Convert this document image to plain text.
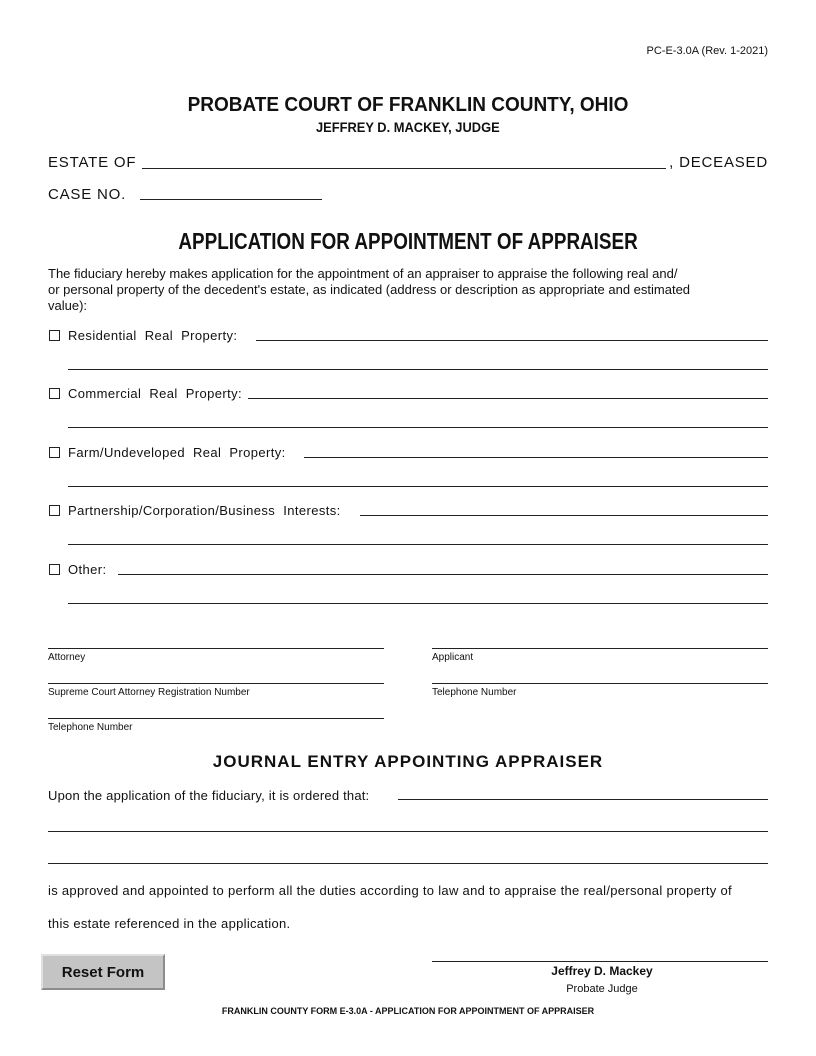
PC-E-3.0A (Rev. 1-2021)
PROBATE COURT OF FRANKLIN COUNTY, OHIO
JEFFREY D. MACKEY, JUDGE
ESTATE OF	, DECEASED
CASE NO.
APPLICATION FOR APPOINTMENT OF APPRAISER
The fiduciary hereby makes application for the appointment of an appraiser to appraise the following real and/
or personal property of the decedent's estate, as indicated (address or description as appropriate and estimated
value):
Residential  Real  Property:
Commercial  Real  Property:
Farm/Undeveloped  Real  Property:
Partnership/Corporation/Business  Interests:
Other:
Attorney	Applicant
Supreme Court Attorney Registration Number	Telephone Number
Telephone Number
JOURNAL ENTRY APPOINTING APPRAISER
Upon the application of the fiduciary, it is ordered that:
is approved and appointed to perform all the duties according to law and to appraise the real/personal property of
this estate referenced in the application.
Reset Form	Jeffrey D. Mackey
Probate Judge
FRANKLIN COUNTY FORM E-3.0A - APPLICATION FOR APPOINTMENT OF APPRAISER
